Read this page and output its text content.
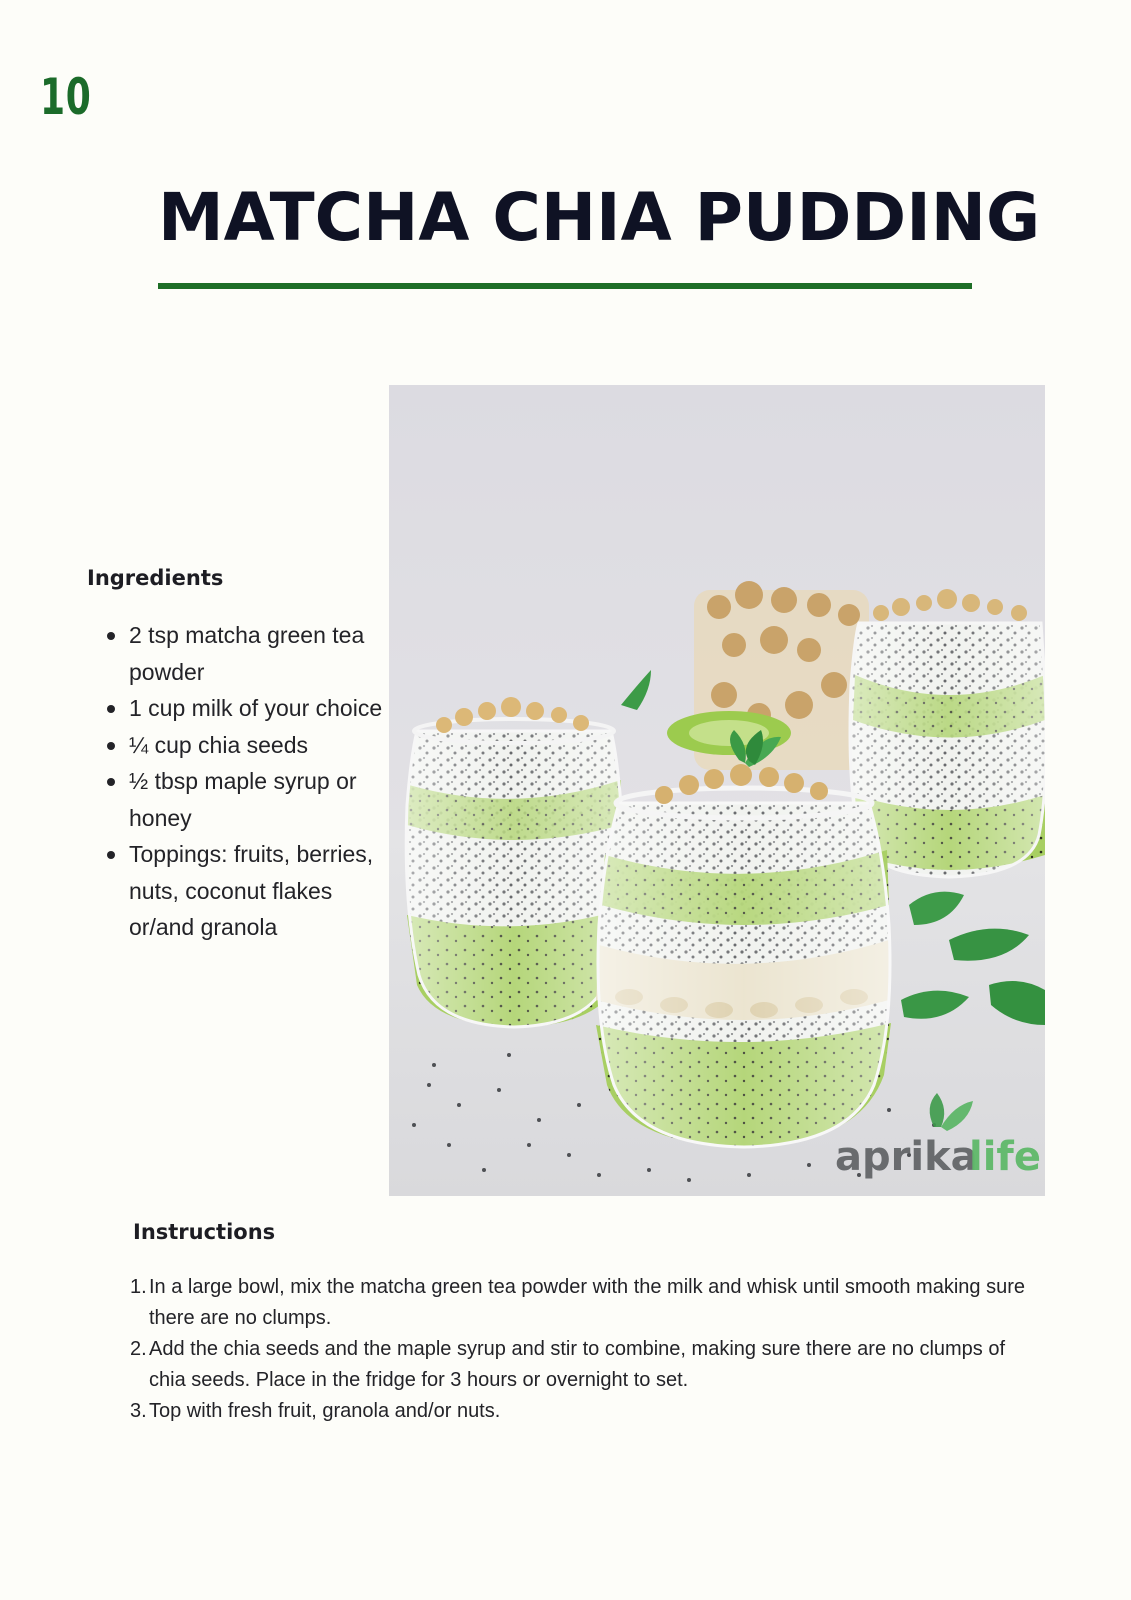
10
MATCHA CHIA PUDDING
Ingredients
2 tsp matcha green tea powder
1 cup milk of your choice
¼ cup chia seeds
½ tbsp maple syrup or honey
Toppings: fruits, berries, nuts, coconut flakes or/and granola
aprika
life
Instructions
1. In a large bowl, mix the matcha green tea powder with the milk and whisk until smooth making sure there are no clumps.
2. Add the chia seeds and the maple syrup and stir to combine, making sure there are no clumps of chia seeds. Place in the fridge for 3 hours or overnight to set.
3. Top with fresh fruit, granola and/or nuts.
